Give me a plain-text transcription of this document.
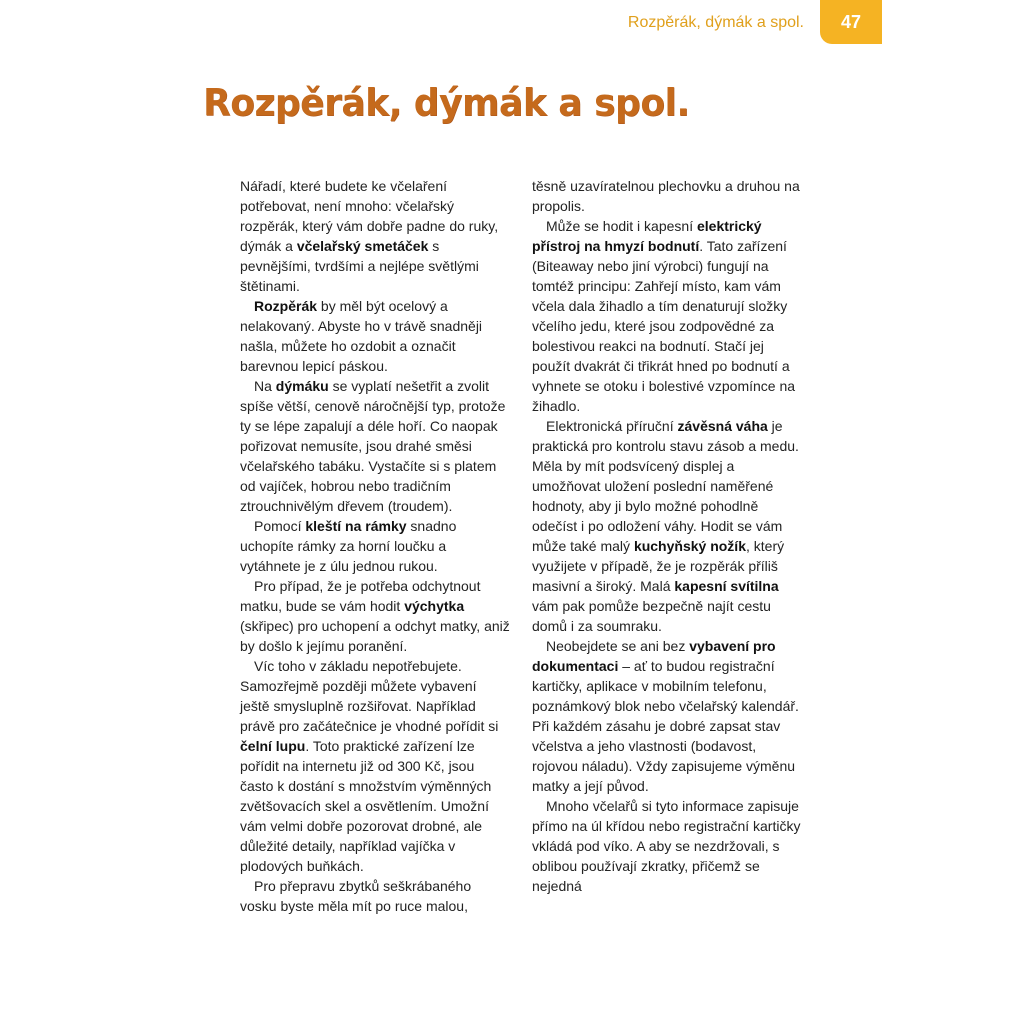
Rozpěrák, dýmák a spol. 47
Rozpěrák, dýmák a spol.

Nářadí, které budete ke včelaření potřebovat, není mnoho: včelařský rozpěrák, který vám dobře padne do ruky, dýmák a včelařský smetáček s pevnějšími, tvrdšími a nejlépe světlými štětinami.

Rozpěrák by měl být ocelový a nelakovaný. Abyste ho v trávě snadněji našla, můžete ho ozdobit a označit barevnou lepicí páskou.

Na dýmáku se vyplatí nešetřit a zvolit spíše větší, cenově náročnější typ, protože ty se lépe zapalují a déle hoří. Co naopak pořizovat nemusíte, jsou drahé směsi včelařského tabáku. Vystačíte si s platem od vajíček, hobrou nebo tradičním ztrouchnivělým dřevem (troudem).

Pomocí kleští na rámky snadno uchopíte rámky za horní loučku a vytáhnete je z úlu jednou rukou.

Pro případ, že je potřeba odchytnout matku, bude se vám hodit výchytka (skřipec) pro uchopení a odchyt matky, aniž by došlo k jejímu poranění.

Víc toho v základu nepotřebujete. Samozřejmě později můžete vybavení ještě smysluplně rozšiřovat. Například právě pro začátečnice je vhodné pořídit si čelní lupu. Toto praktické zařízení lze pořídit na internetu již od 300 Kč, jsou často k dostání s množstvím výměnných zvětšovacích skel a osvětlením. Umožní vám velmi dobře pozorovat drobné, ale důležité detaily, například vajíčka v plodových buňkách.

Pro přepravu zbytků seškrábaného vosku byste měla mít po ruce malou,

těsně uzavíratelnou plechovku a druhou na propolis.

Může se hodit i kapesní elektrický přístroj na hmyzí bodnutí. Tato zařízení (Biteaway nebo jiní výrobci) fungují na tomtéž principu: Zahřejí místo, kam vám včela dala žihadlo a tím denaturují složky včelího jedu, které jsou zodpovědné za bolestivou reakci na bodnutí. Stačí jej použít dvakrát či třikrát hned po bodnutí a vyhnete se otoku i bolestivé vzpomínce na žihadlo.

Elektronická příruční závěsná váha je praktická pro kontrolu stavu zásob a medu. Měla by mít podsvícený displej a umožňovat uložení poslední naměřené hodnoty, aby ji bylo možné pohodlně odečíst i po odložení váhy. Hodit se vám může také malý kuchyňský nožík, který využijete v případě, že je rozpěrák příliš masivní a široký. Malá kapesní svítilna vám pak pomůže bezpečně najít cestu domů i za soumraku.

Neobejdete se ani bez vybavení pro dokumentaci – ať to budou registrační kartičky, aplikace v mobilním telefonu, poznámkový blok nebo včelařský kalendář. Při každém zásahu je dobré zapsat stav včelstva a jeho vlastnosti (bodavost, rojovou náladu). Vždy zapisujeme výměnu matky a její původ.

Mnoho včelařů si tyto informace zapisuje přímo na úl křídou nebo registrační kartičky vkládá pod víko. A aby se nezdržovali, s oblibou používají zkratky, přičemž se nejedná
